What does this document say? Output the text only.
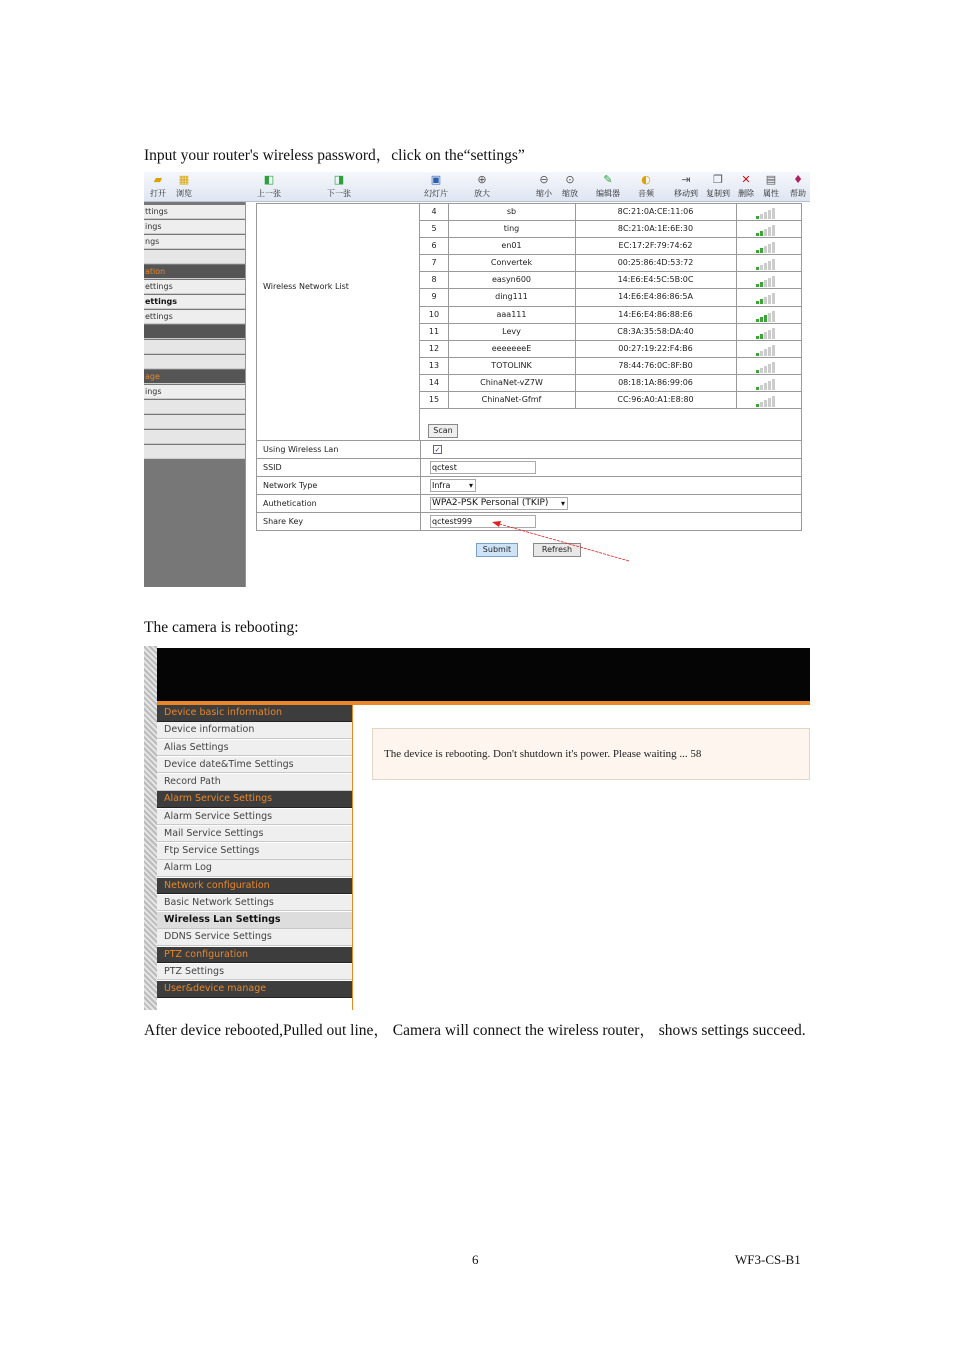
Input your router's wireless password，click on the“settings”

▰
打开
▦
浏览
◧
上一张
◨
下一张
▣
幻灯片
⊕
放大
⊖
缩小
⊙
缩放
✎
编辑器
◐
音频
⇥
移动到
❐
复制到
✕
删除
▤
属性
♦
帮助
ttings
ings
ngs
ation
ettings
ettings
ettings
age
ings
Wireless Network List
4	sb	8C:21:0A:CE:11:06
5	ting	8C:21:0A:1E:6E:30
6	en01	EC:17:2F:79:74:62
7	Convertek	00:25:86:4D:53:72
8	easyn600	14:E6:E4:5C:5B:0C
9	ding111	14:E6:E4:86:86:5A
10	aaa111	14:E6:E4:86:88:E6
11	Levy	C8:3A:35:58:DA:40
12	eeeeeeeE	00:27:19:22:F4:B6
13	TOTOLINK	78:44:76:0C:8F:B0
14	ChinaNet-vZ7W	08:18:1A:86:99:06
15	ChinaNet-Gfmf	CC:96:A0:A1:E8:80
Scan
Using Wireless Lan	✓
SSID	qctest
Network Type	Infra ▾
Authetication	WPA2-PSK Personal (TKIP) ▾
Share Key	qctest999
Submit	Refresh

The camera is rebooting:

Device basic information
Device information
Alias Settings
Device date&Time Settings
Record Path
Alarm Service Settings
Alarm Service Settings
Mail Service Settings
Ftp Service Settings
Alarm Log
Network configuration
Basic Network Settings
Wireless Lan Settings
DDNS Service Settings
PTZ configuration
PTZ Settings
User&device manage
The device is rebooting. Don't shutdown it's power. Please waiting ... 58

After device rebooted,Pulled out line， Camera will connect the wireless router， shows settings succeed.

6	WF3-CS-B1
